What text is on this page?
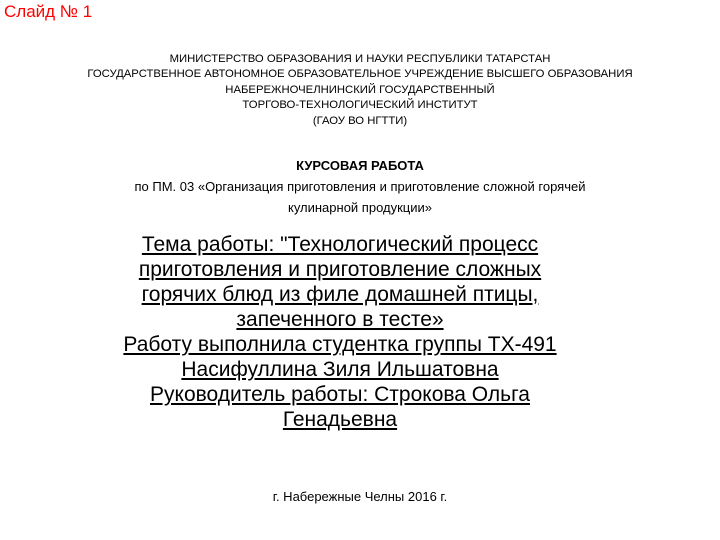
Слайд № 1
МИНИСТЕРСТВО ОБРАЗОВАНИЯ И НАУКИ РЕСПУБЛИКИ ТАТАРСТАН
ГОСУДАРСТВЕННОЕ АВТОНОМНОЕ ОБРАЗОВАТЕЛЬНОЕ УЧРЕЖДЕНИЕ ВЫСШЕГО ОБРАЗОВАНИЯ
НАБЕРЕЖНОЧЕЛНИНСКИЙ ГОСУДАРСТВЕННЫЙ
ТОРГОВО-ТЕХНОЛОГИЧЕСКИЙ ИНСТИТУТ
(ГАОУ ВО НГТТИ)
КУРСОВАЯ РАБОТА
по ПМ. 03 «Организация приготовления и приготовление сложной горячей
кулинарной продукции»
Тема работы: "Технологический процесс
приготовления и приготовление сложных
горячих блюд из филе домашней птицы,
запеченного в тесте»
Работу выполнила студентка группы ТХ-491
Насифуллина Зиля Ильшатовна
Руководитель работы: Строкова Ольга
Генадьевна
г. Набережные Челны 2016 г.
